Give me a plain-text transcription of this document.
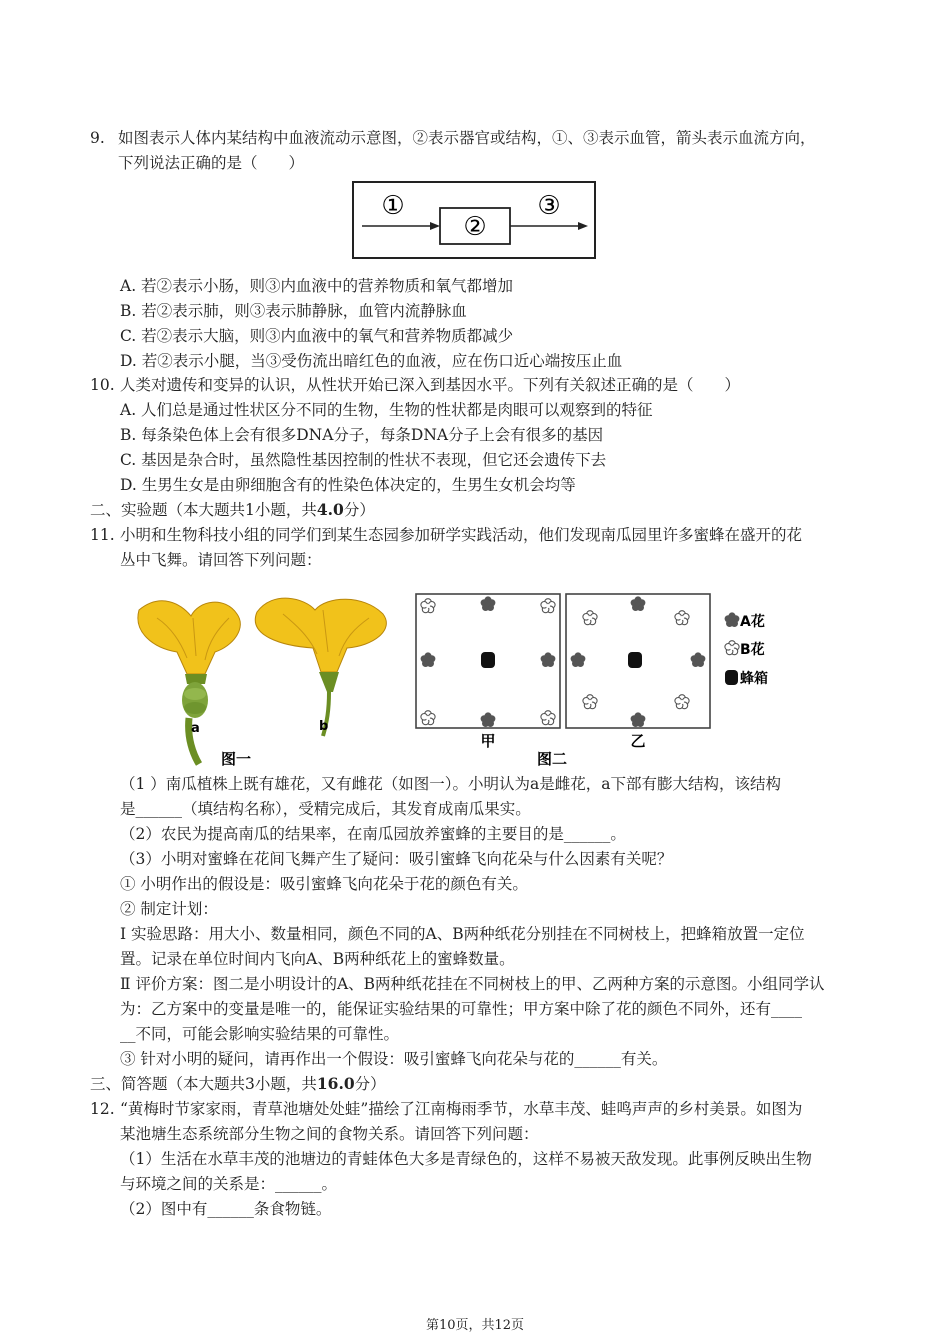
9. 如图表示人体内某结构中血液流动示意图，②表示器官或结构，①、③表示血管，箭头表示血流方向，
下列说法正确的是（　　）
①
②
③
A. 若②表示小肠，则③内血液中的营养物质和氧气都增加
B. 若②表示肺，则③表示肺静脉，血管内流静脉血
C. 若②表示大脑，则③内血液中的氧气和营养物质都减少
D. 若②表示小腿，当③受伤流出暗红色的血液，应在伤口近心端按压止血
10. 人类对遗传和变异的认识，从性状开始已深入到基因水平。下列有关叙述正确的是（　　）
A. 人们总是通过性状区分不同的生物，生物的性状都是肉眼可以观察到的特征
B. 每条染色体上会有很多DNA分子，每条DNA分子上会有很多的基因
C. 基因是杂合时，虽然隐性基因控制的性状不表现，但它还会遗传下去
D. 生男生女是由卵细胞含有的性染色体决定的，生男生女机会均等
二、实验题（本大题共1小题，共4.0分）
11. 小明和生物科技小组的同学们到某生态园参加研学实践活动，他们发现南瓜园里许多蜜蜂在盛开的花
丛中飞舞。请回答下列问题：
a	b
图一
A花
B花
蜂箱
甲
图二
乙
（1 ）南瓜植株上既有雄花，又有雌花（如图一）。小明认为a是雌花，a下部有膨大结构，该结构
是______（填结构名称），受精完成后，其发育成南瓜果实。
（2）农民为提高南瓜的结果率，在南瓜园放养蜜蜂的主要目的是______。
（3）小明对蜜蜂在花间飞舞产生了疑问：吸引蜜蜂飞向花朵与什么因素有关呢？
① 小明作出的假设是：吸引蜜蜂飞向花朵于花的颜色有关。
② 制定计划：
Ⅰ 实验思路：用大小、数量相同，颜色不同的A、B两种纸花分别挂在不同树枝上，把蜂箱放置一定位
置。记录在单位时间内飞向A、B两种纸花上的蜜蜂数量。
Ⅱ 评价方案：图二是小明设计的A、B两种纸花挂在不同树枝上的甲、乙两种方案的示意图。小组同学认
为：乙方案中的变量是唯一的，能保证实验结果的可靠性；甲方案中除了花的颜色不同外，还有____
__不同，可能会影响实验结果的可靠性。
③ 针对小明的疑问，请再作出一个假设：吸引蜜蜂飞向花朵与花的______有关。
三、简答题（本大题共3小题，共16.0分）
12. “黄梅时节家家雨，青草池塘处处蛙”描绘了江南梅雨季节，水草丰茂、蛙鸣声声的乡村美景。如图为
某池塘生态系统部分生物之间的食物关系。请回答下列问题：
（1）生活在水草丰茂的池塘边的青蛙体色大多是青绿色的，这样不易被天敌发现。此事例反映出生物
与环境之间的关系是：______。
（2）图中有______条食物链。
第10页，共12页
